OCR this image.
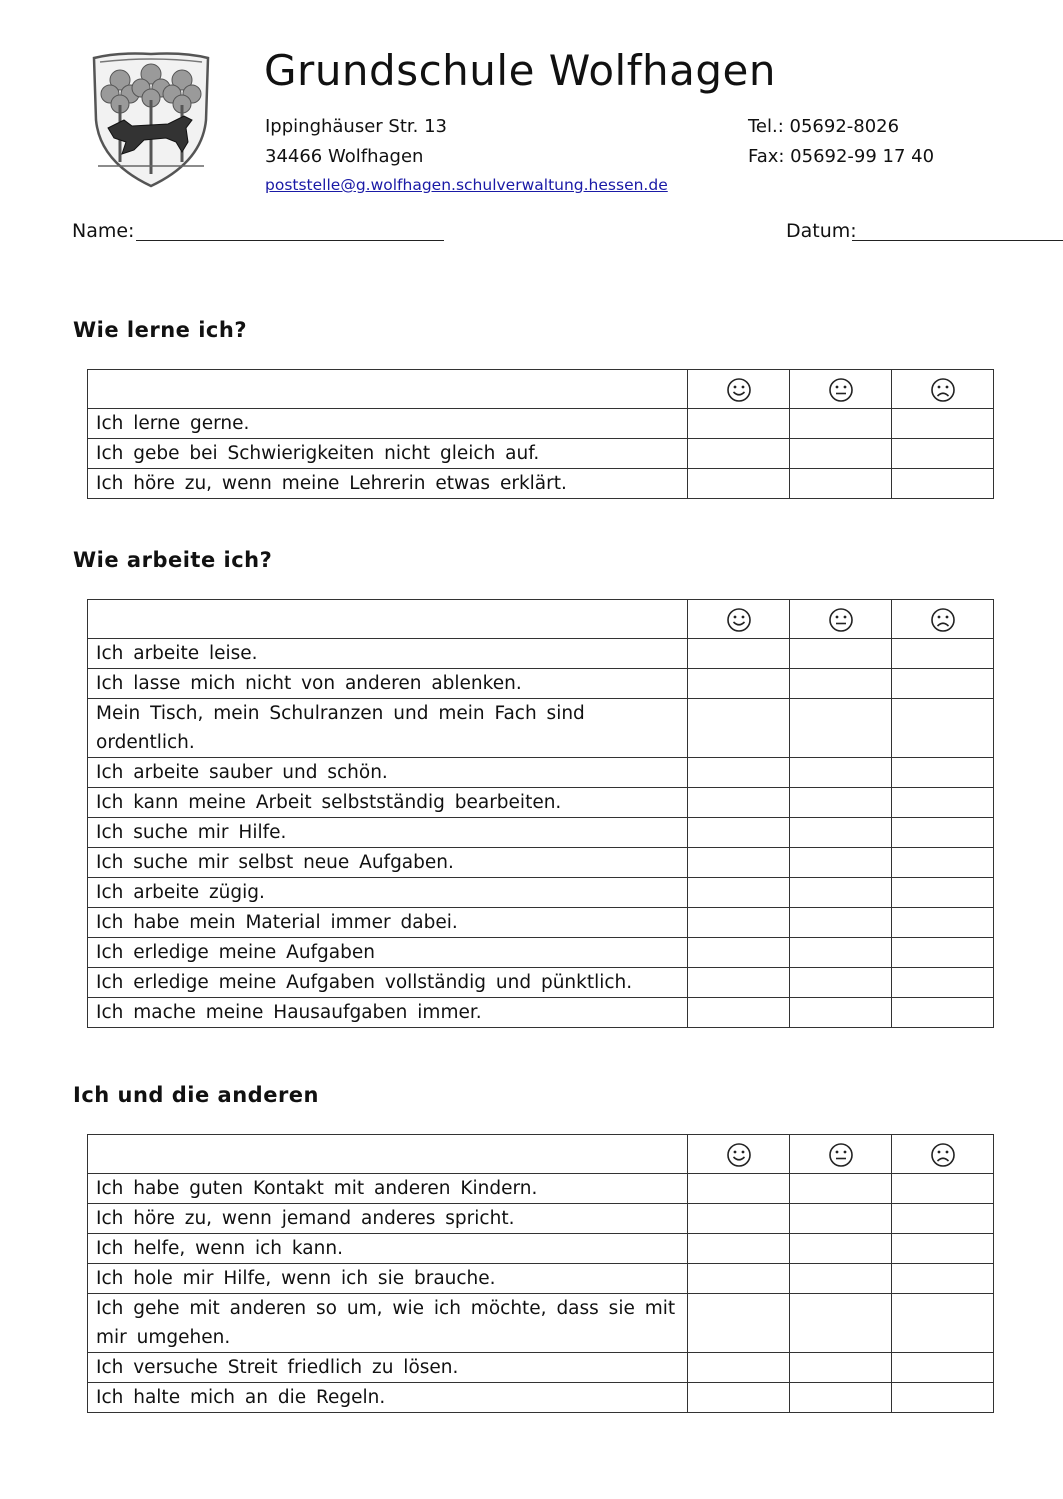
Grundschule Wolfhagen
Ippinghäuser Str. 13
34466 Wolfhagen
poststelle@g.wolfhagen.schulverwaltung.hessen.de
Tel.: 05692-8026
Fax: 05692-99 17 40
Name:	Datum:
Wie lerne ich?
Wie arbeite ich?
Ich und die anderen

Ich lerne gerne.			
Ich gebe bei Schwierigkeiten nicht gleich auf.			
Ich höre zu, wenn meine Lehrerin etwas erklärt.			

Ich arbeite leise.			
Ich lasse mich nicht von anderen ablenken.			
Mein Tisch, mein Schulranzen und mein Fach sind ordentlich.			
Ich arbeite sauber und schön.			
Ich kann meine Arbeit selbstständig bearbeiten.			
Ich suche mir Hilfe.			
Ich suche mir selbst neue Aufgaben.			
Ich arbeite zügig.			
Ich habe mein Material immer dabei.			
Ich erledige meine Aufgaben			
Ich erledige meine Aufgaben vollständig und pünktlich.			
Ich mache meine Hausaufgaben immer.			

Ich habe guten Kontakt mit anderen Kindern.			
Ich höre zu, wenn jemand anderes spricht.			
Ich helfe, wenn ich kann.			
Ich hole mir Hilfe, wenn ich sie brauche.			
Ich gehe mit anderen so um, wie ich möchte, dass sie mit mir umgehen.			
Ich versuche Streit friedlich zu lösen.			
Ich halte mich an die Regeln.			
